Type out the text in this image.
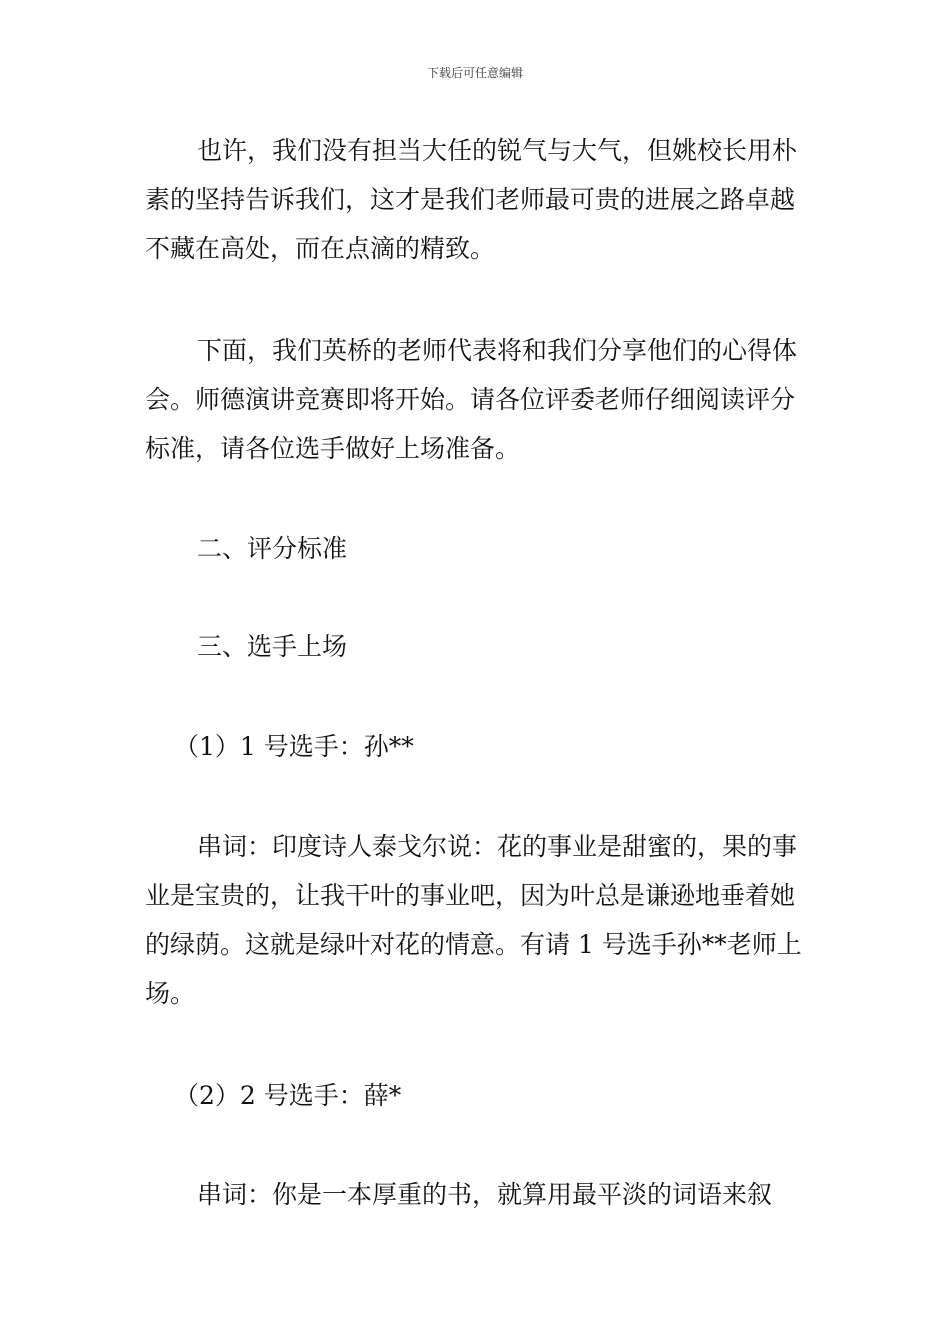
下载后可任意编辑

也许，我们没有担当大任的锐气与大气，但姚校长用朴素的坚持告诉我们，这才是我们老师最可贵的进展之路卓越不藏在高处，而在点滴的精致。

下面，我们英桥的老师代表将和我们分享他们的心得体会。师德演讲竞赛即将开始。请各位评委老师仔细阅读评分标准，请各位选手做好上场准备。

二、评分标准

三、选手上场

（1）1 号选手：孙**

串词：印度诗人泰戈尔说：花的事业是甜蜜的，果的事业是宝贵的，让我干叶的事业吧，因为叶总是谦逊地垂着她的绿荫。这就是绿叶对花的情意。有请 1 号选手孙**老师上场。

（2）2 号选手：薛*

串词：你是一本厚重的书，就算用最平淡的词语来叙
